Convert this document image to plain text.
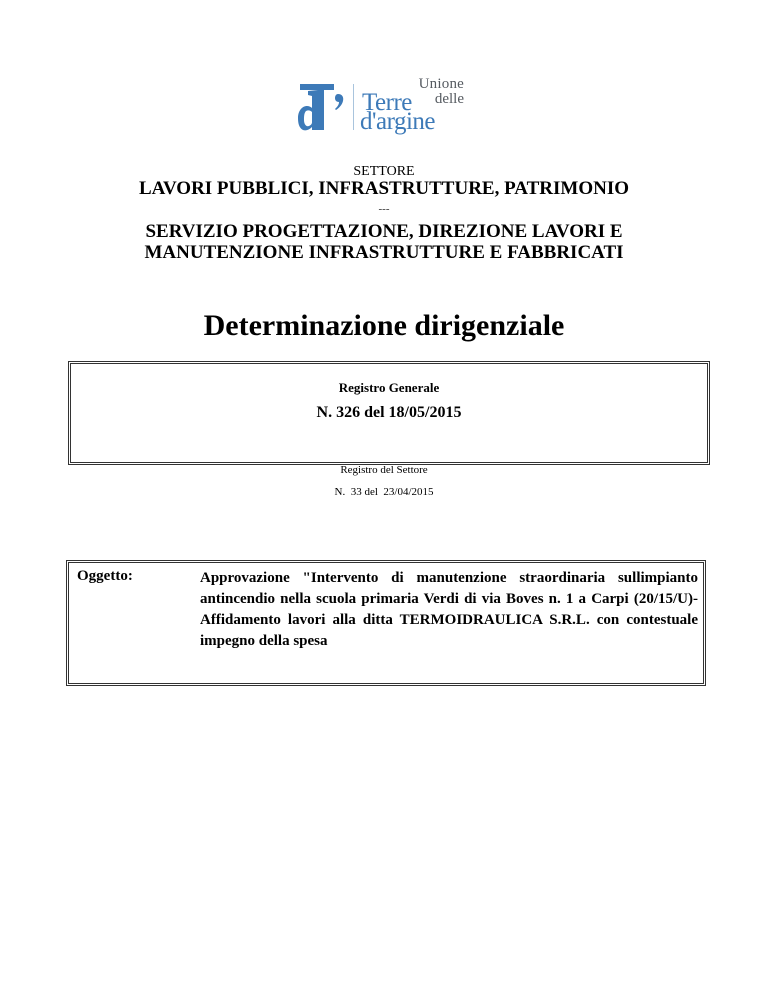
Unione
delle
Terre
d'argine
SETTORE
LAVORI PUBBLICI, INFRASTRUTTURE, PATRIMONIO
---
SERVIZIO PROGETTAZIONE, DIREZIONE LAVORI E
MANUTENZIONE INFRASTRUTTURE E FABBRICATI
Determinazione dirigenziale
Registro Generale
N. 326 del 18/05/2015
Registro del Settore
N.  33 del  23/04/2015
Oggetto:	Approvazione "Intervento di manutenzione straordinaria sullimpianto antincendio nella scuola primaria Verdi di via Boves n. 1 a Carpi (20/15/U)- Affidamento lavori alla ditta TERMOIDRAULICA S.R.L. con contestuale impegno della spesa
